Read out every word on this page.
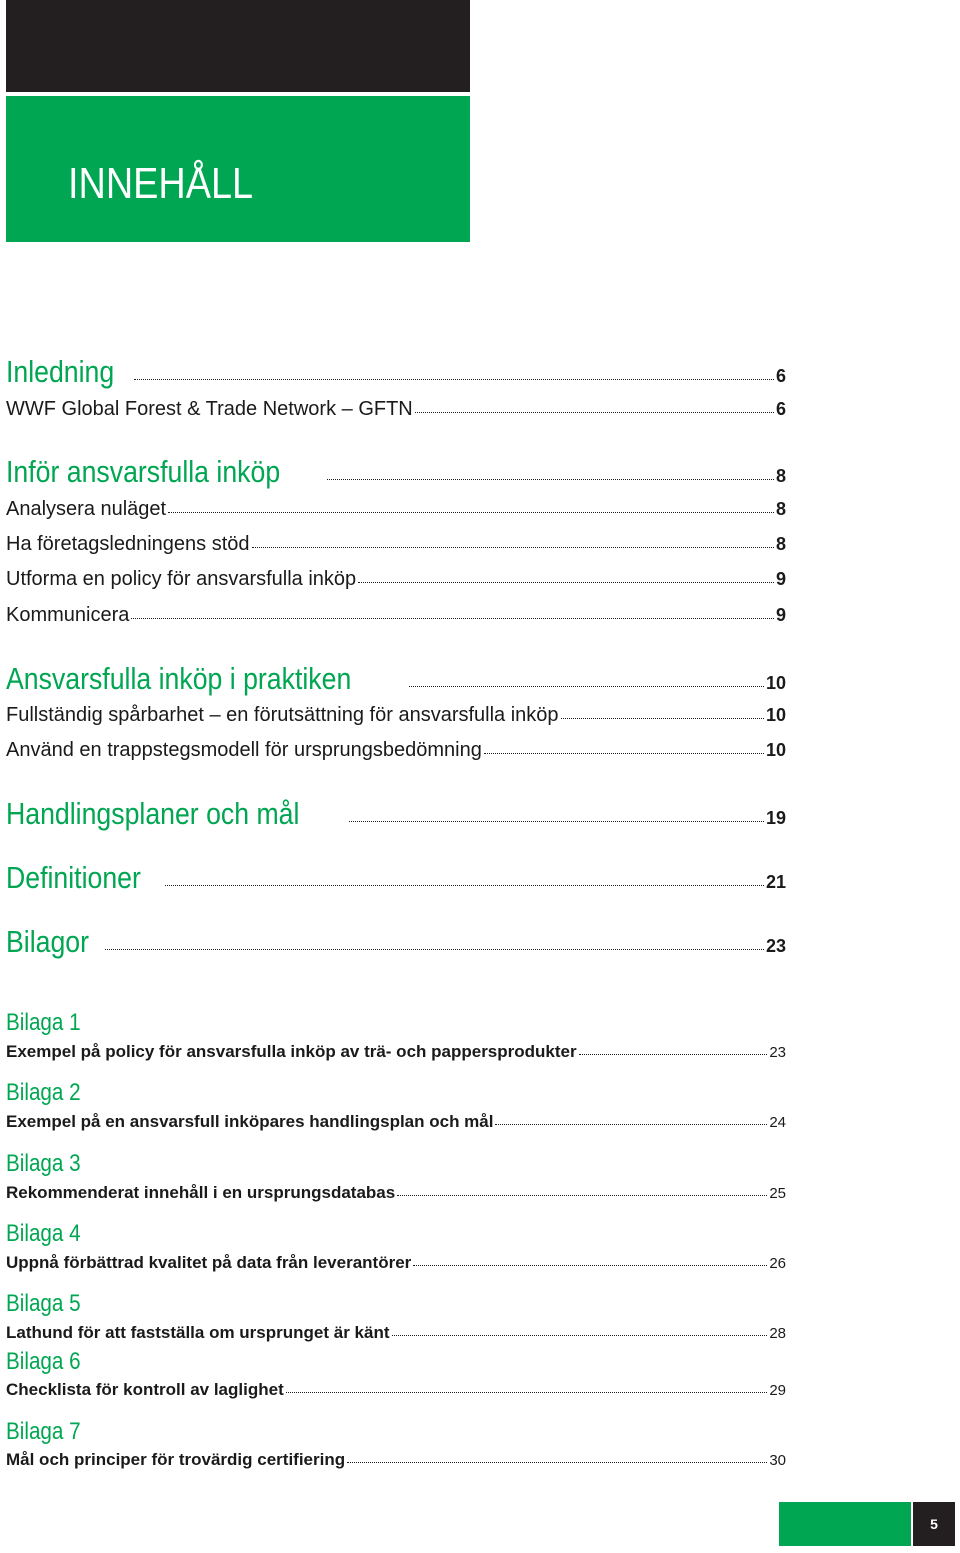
INNEHÅLL
Inledning	6
WWF Global Forest & Trade Network – GFTN	6
Inför ansvarsfulla inköp	8
Analysera nuläget	8
Ha företagsledningens stöd	8
Utforma en policy för ansvarsfulla inköp	9
Kommunicera	9
Ansvarsfulla inköp i praktiken	10
Fullständig spårbarhet – en förutsättning för ansvarsfulla inköp	10
Använd en trappstegsmodell för ursprungsbedömning	10
Handlingsplaner och mål	19
Definitioner	21
Bilagor	23
Bilaga 1
Exempel på policy för ansvarsfulla inköp av trä- och pappersprodukter	23
Bilaga 2
Exempel på en ansvarsfull inköpares handlingsplan och mål	24
Bilaga 3
Rekommenderat innehåll i en ursprungsdatabas	25
Bilaga 4
Uppnå förbättrad kvalitet på data från leverantörer	26
Bilaga 5
Lathund för att fastställa om ursprunget är känt	28
Bilaga 6
Checklista för kontroll av laglighet	29
Bilaga 7
Mål och principer för trovärdig certifiering	30
5
